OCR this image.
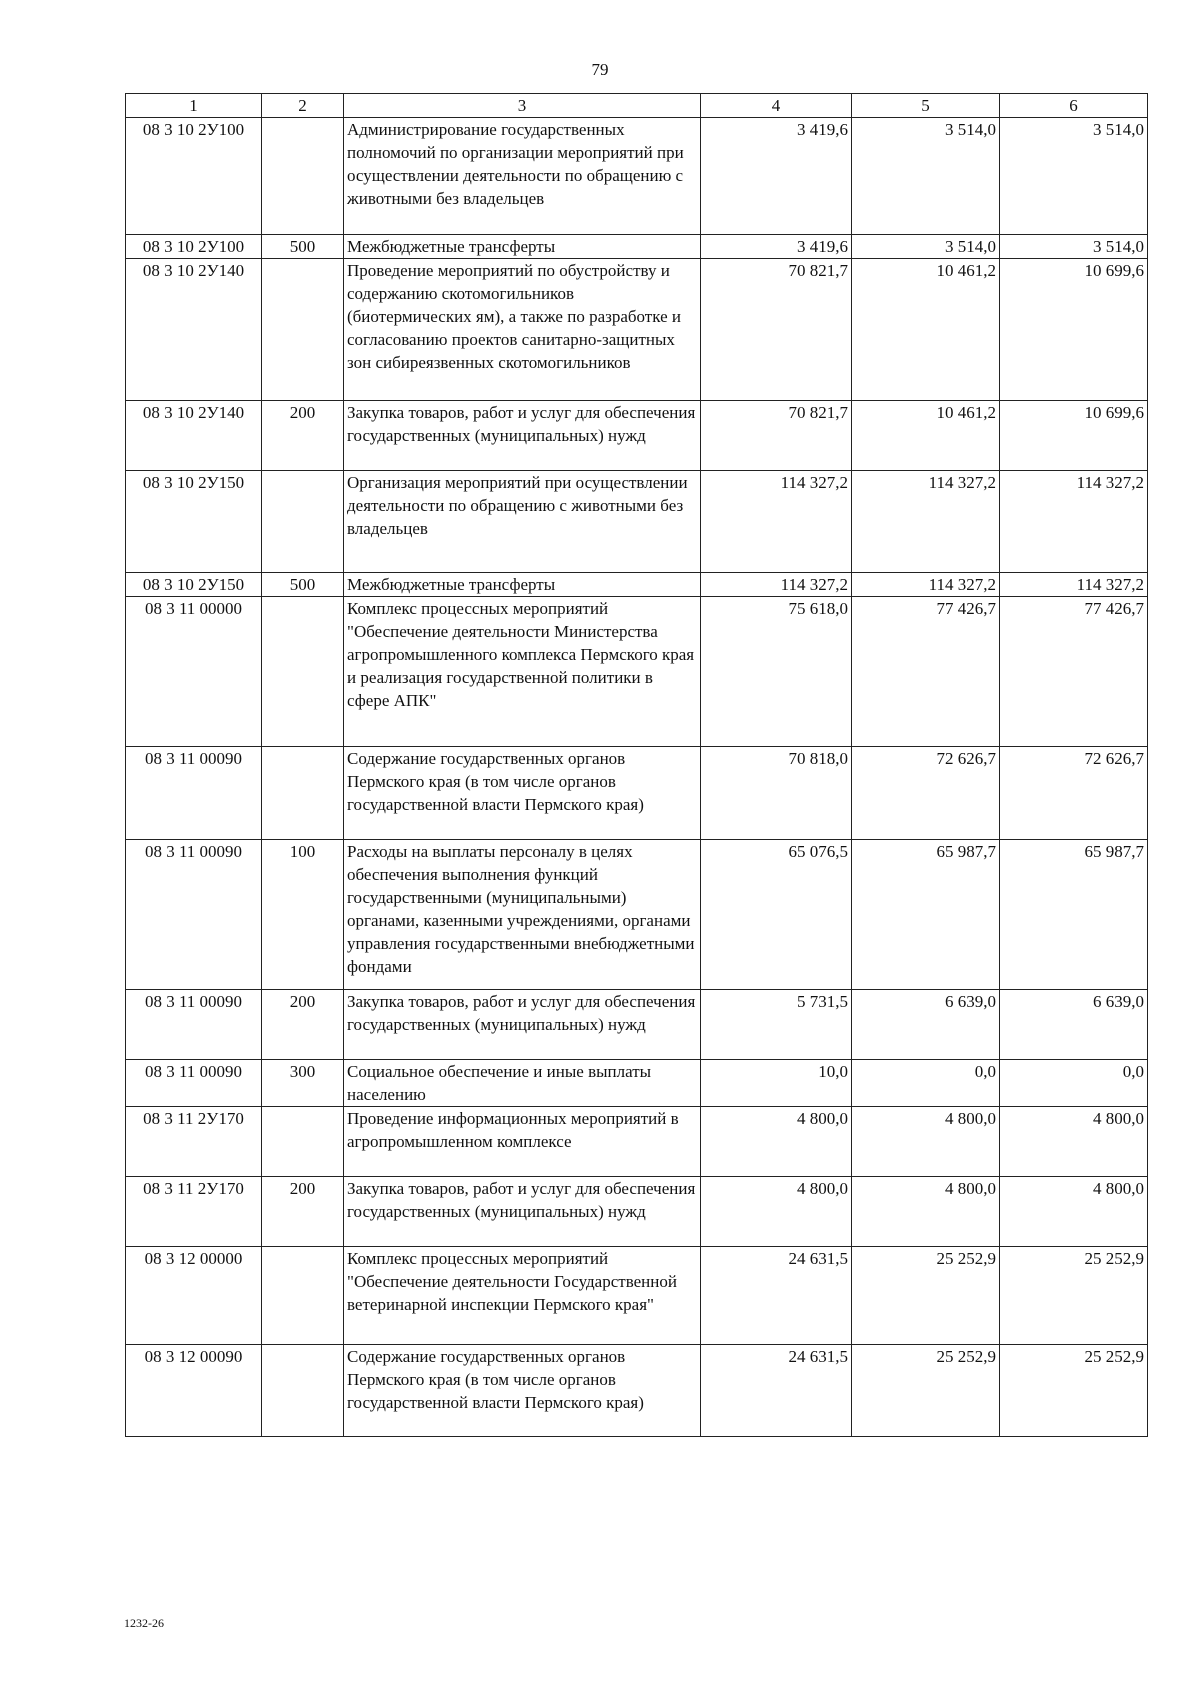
79
1	2	3	4	5	6
08 3 10 2У100		Администрирование государственных полномочий по организации мероприятий при осуществлении деятельности по обращению с животными без владельцев	3 419,6	3 514,0	3 514,0
08 3 10 2У100	500	Межбюджетные трансферты	3 419,6	3 514,0	3 514,0
08 3 10 2У140		Проведение мероприятий по обустройству и содержанию скотомогильников (биотермических ям), а также по разработке и согласованию проектов санитарно-защитных зон сибиреязвенных скотомогильников	70 821,7	10 461,2	10 699,6
08 3 10 2У140	200	Закупка товаров, работ и услуг для обеспечения государственных (муниципальных) нужд	70 821,7	10 461,2	10 699,6
08 3 10 2У150		Организация мероприятий при осуществлении деятельности по обращению с животными без владельцев	114 327,2	114 327,2	114 327,2
08 3 10 2У150	500	Межбюджетные трансферты	114 327,2	114 327,2	114 327,2
08 3 11 00000		Комплекс процессных мероприятий "Обеспечение деятельности Министерства агропромышленного комплекса Пермского края и реализация государственной политики в сфере АПК"	75 618,0	77 426,7	77 426,7
08 3 11 00090		Содержание государственных органов Пермского края (в том числе органов государственной власти Пермского края)	70 818,0	72 626,7	72 626,7
08 3 11 00090	100	Расходы на выплаты персоналу в целях обеспечения выполнения функций государственными (муниципальными) органами, казенными учреждениями, органами управления государственными внебюджетными фондами	65 076,5	65 987,7	65 987,7
08 3 11 00090	200	Закупка товаров, работ и услуг для обеспечения государственных (муниципальных) нужд	5 731,5	6 639,0	6 639,0
08 3 11 00090	300	Социальное обеспечение и иные выплаты населению	10,0	0,0	0,0
08 3 11 2У170		Проведение информационных мероприятий в агропромышленном комплексе	4 800,0	4 800,0	4 800,0
08 3 11 2У170	200	Закупка товаров, работ и услуг для обеспечения государственных (муниципальных) нужд	4 800,0	4 800,0	4 800,0
08 3 12 00000		Комплекс процессных мероприятий "Обеспечение деятельности Государственной ветеринарной инспекции Пермского края"	24 631,5	25 252,9	25 252,9
08 3 12 00090		Содержание государственных органов Пермского края (в том числе органов государственной власти Пермского края)	24 631,5	25 252,9	25 252,9
1232-26
